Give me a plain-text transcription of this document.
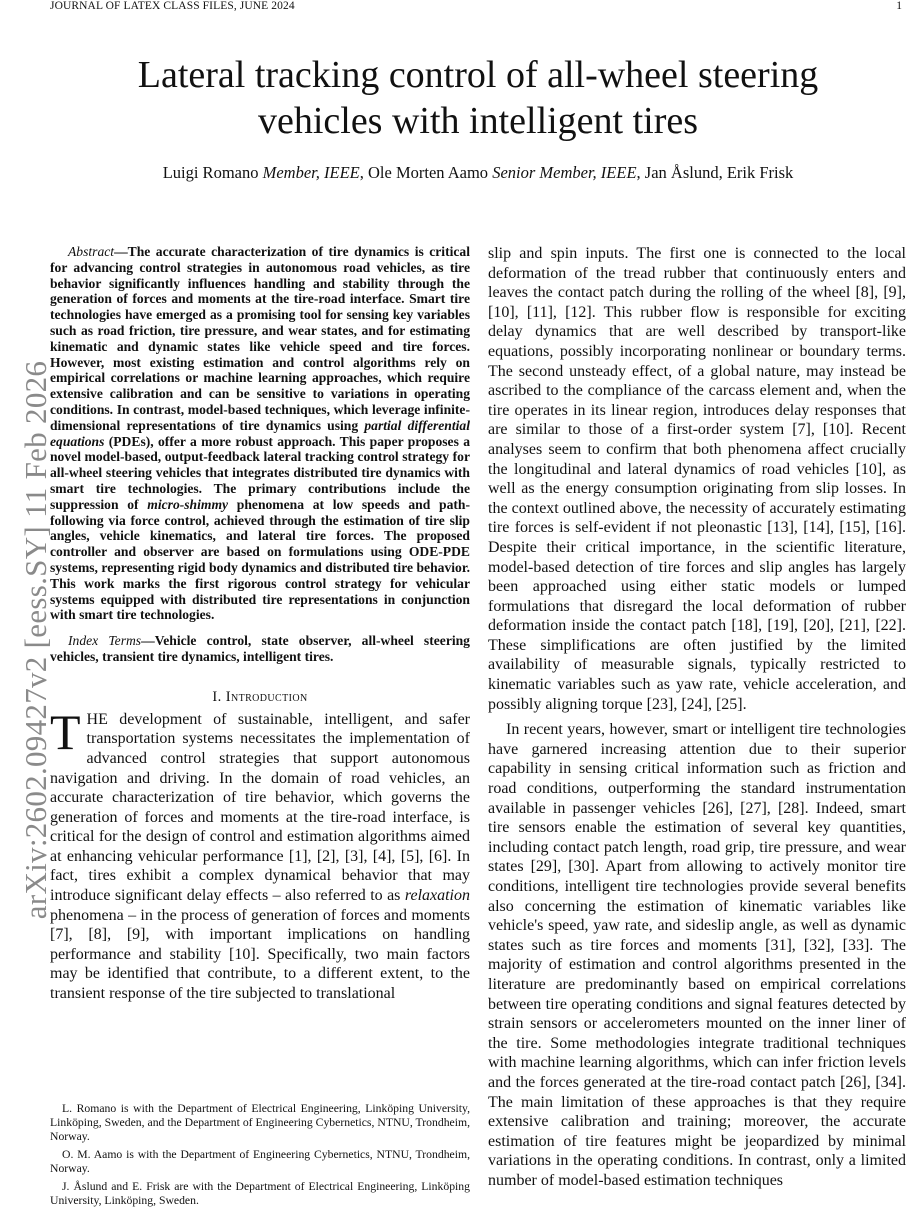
JOURNAL OF LATEX CLASS FILES, JUNE 2024	1
arXiv:2602.09427v2 [eess.SY] 11 Feb 2026
Lateral tracking control of all-wheel steering vehicles with intelligent tires
Luigi Romano Member, IEEE, Ole Morten Aamo Senior Member, IEEE, Jan Åslund, Erik Frisk

Abstract—The accurate characterization of tire dynamics is critical for advancing control strategies in autonomous road vehicles, as tire behavior significantly influences handling and stability through the generation of forces and moments at the tire-road interface. Smart tire technologies have emerged as a promising tool for sensing key variables such as road friction, tire pressure, and wear states, and for estimating kinematic and dynamic states like vehicle speed and tire forces. However, most existing estimation and control algorithms rely on empirical correlations or machine learning approaches, which require extensive calibration and can be sensitive to variations in operating conditions. In contrast, model-based techniques, which leverage infinite-dimensional representations of tire dynamics using partial differential equations (PDEs), offer a more robust approach. This paper proposes a novel model-based, output-feedback lateral tracking control strategy for all-wheel steering vehicles that integrates distributed tire dynamics with smart tire technologies. The primary contributions include the suppression of micro-shimmy phenomena at low speeds and path-following via force control, achieved through the estimation of tire slip angles, vehicle kinematics, and lateral tire forces. The proposed controller and observer are based on formulations using ODE-PDE systems, representing rigid body dynamics and distributed tire behavior. This work marks the first rigorous control strategy for vehicular systems equipped with distributed tire representations in conjunction with smart tire technologies.

Index Terms—Vehicle control, state observer, all-wheel steering vehicles, transient tire dynamics, intelligent tires.

I. Introduction

THE development of sustainable, intelligent, and safer transportation systems necessitates the implementation of advanced control strategies that support autonomous navigation and driving. In the domain of road vehicles, an accurate characterization of tire behavior, which governs the generation of forces and moments at the tire-road interface, is critical for the design of control and estimation algorithms aimed at enhancing vehicular performance [1], [2], [3], [4], [5], [6]. In fact, tires exhibit a complex dynamical behavior that may introduce significant delay effects – also referred to as relaxation phenomena – in the process of generation of forces and moments [7], [8], [9], with important implications on handling performance and stability [10]. Specifically, two main factors may be identified that contribute, to a different extent, to the transient response of the tire subjected to translational

L. Romano is with the Department of Electrical Engineering, Linköping University, Linköping, Sweden, and the Department of Engineering Cybernetics, NTNU, Trondheim, Norway.

O. M. Aamo is with the Department of Engineering Cybernetics, NTNU, Trondheim, Norway.

J. Åslund and E. Frisk are with the Department of Electrical Engineering, Linköping University, Linköping, Sweden.

slip and spin inputs. The first one is connected to the local deformation of the tread rubber that continuously enters and leaves the contact patch during the rolling of the wheel [8], [9], [10], [11], [12]. This rubber flow is responsible for exciting delay dynamics that are well described by transport-like equations, possibly incorporating nonlinear or boundary terms. The second unsteady effect, of a global nature, may instead be ascribed to the compliance of the carcass element and, when the tire operates in its linear region, introduces delay responses that are similar to those of a first-order system [7], [10]. Recent analyses seem to confirm that both phenomena affect crucially the longitudinal and lateral dynamics of road vehicles [10], as well as the energy consumption originating from slip losses. In the context outlined above, the necessity of accurately estimating tire forces is self-evident if not pleonastic [13], [14], [15], [16]. Despite their critical importance, in the scientific literature, model-based detection of tire forces and slip angles has largely been approached using either static models or lumped formulations that disregard the local deformation of rubber deformation inside the contact patch [18], [19], [20], [21], [22]. These simplifications are often justified by the limited availability of measurable signals, typically restricted to kinematic variables such as yaw rate, vehicle acceleration, and possibly aligning torque [23], [24], [25].

In recent years, however, smart or intelligent tire technologies have garnered increasing attention due to their superior capability in sensing critical information such as friction and road conditions, outperforming the standard instrumentation available in passenger vehicles [26], [27], [28]. Indeed, smart tire sensors enable the estimation of several key quantities, including contact patch length, road grip, tire pressure, and wear states [29], [30]. Apart from allowing to actively monitor tire conditions, intelligent tire technologies provide several benefits also concerning the estimation of kinematic variables like vehicle's speed, yaw rate, and sideslip angle, as well as dynamic states such as tire forces and moments [31], [32], [33]. The majority of estimation and control algorithms presented in the literature are predominantly based on empirical correlations between tire operating conditions and signal features detected by strain sensors or accelerometers mounted on the inner liner of the tire. Some methodologies integrate traditional techniques with machine learning algorithms, which can infer friction levels and the forces generated at the tire-road contact patch [26], [34]. The main limitation of these approaches is that they require extensive calibration and training; moreover, the accurate estimation of tire features might be jeopardized by minimal variations in the operating conditions. In contrast, only a limited number of model-based estimation techniques
